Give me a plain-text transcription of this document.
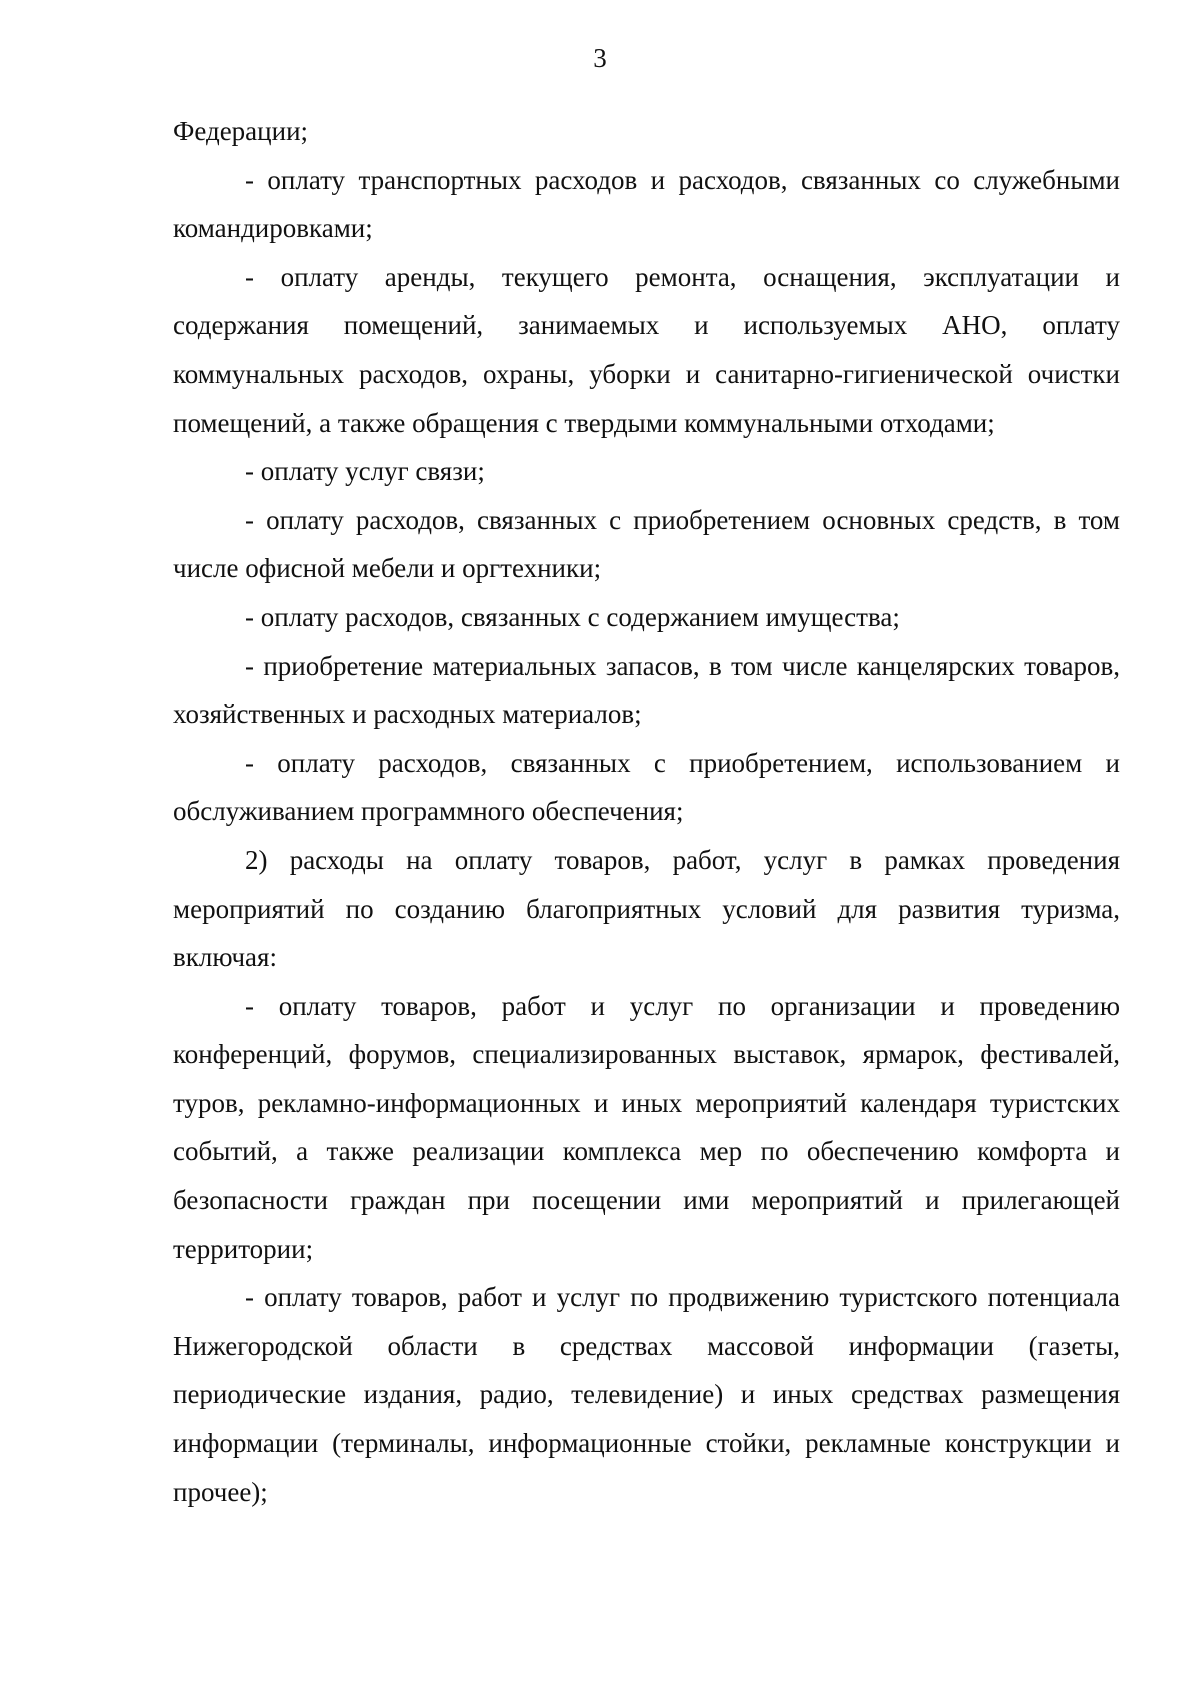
3

Федерации;

- оплату транспортных расходов и расходов, связанных со служебными командировками;

- оплату аренды, текущего ремонта, оснащения, эксплуатации и содержания помещений, занимаемых и используемых АНО, оплату коммунальных расходов, охраны, уборки и санитарно-гигиенической очистки помещений, а также обращения с твердыми коммунальными отходами;

- оплату услуг связи;

- оплату расходов, связанных с приобретением основных средств, в том числе офисной мебели и оргтехники;

- оплату расходов, связанных с содержанием имущества;

- приобретение материальных запасов, в том числе канцелярских товаров, хозяйственных и расходных материалов;

- оплату расходов, связанных с приобретением, использованием и обслуживанием программного обеспечения;

2) расходы на оплату товаров, работ, услуг в рамках проведения мероприятий по созданию благоприятных условий для развития туризма, включая:

- оплату товаров, работ и услуг по организации и проведению конференций, форумов, специализированных выставок, ярмарок, фестивалей, туров, рекламно-информационных и иных мероприятий календаря туристских событий, а также реализации комплекса мер по обеспечению комфорта и безопасности граждан при посещении ими мероприятий и прилегающей территории;

- оплату товаров, работ и услуг по продвижению туристского потенциала Нижегородской области в средствах массовой информации (газеты, периодические издания, радио, телевидение) и иных средствах размещения информации (терминалы, информационные стойки, рекламные конструкции и прочее);
